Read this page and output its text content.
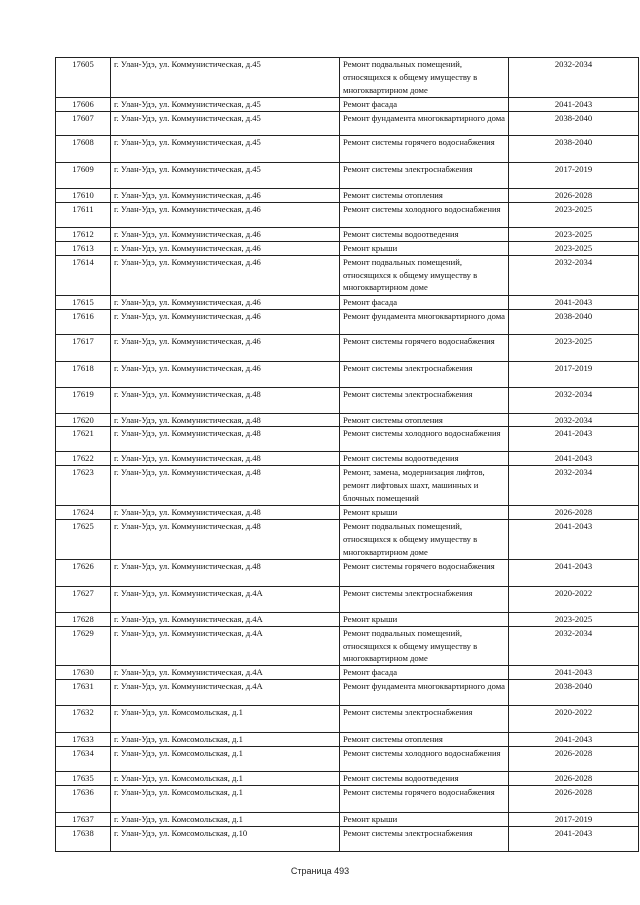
17605	г. Улан-Удэ, ул. Коммунистическая, д.45	Ремонт подвальных помещений, относящихся к общему имуществу в многоквартирном доме	2032-2034
17606	г. Улан-Удэ, ул. Коммунистическая, д.45	Ремонт фасада	2041-2043
17607	г. Улан-Удэ, ул. Коммунистическая, д.45	Ремонт фундамента многоквартирного дома	2038-2040
17608	г. Улан-Удэ, ул. Коммунистическая, д.45	Ремонт системы горячего водоснабжения	2038-2040
17609	г. Улан-Удэ, ул. Коммунистическая, д.45	Ремонт системы электроснабжения	2017-2019
17610	г. Улан-Удэ, ул. Коммунистическая, д.46	Ремонт системы отопления	2026-2028
17611	г. Улан-Удэ, ул. Коммунистическая, д.46	Ремонт системы холодного водоснабжения	2023-2025
17612	г. Улан-Удэ, ул. Коммунистическая, д.46	Ремонт системы водоотведения	2023-2025
17613	г. Улан-Удэ, ул. Коммунистическая, д.46	Ремонт крыши	2023-2025
17614	г. Улан-Удэ, ул. Коммунистическая, д.46	Ремонт подвальных помещений, относящихся к общему имуществу в многоквартирном доме	2032-2034
17615	г. Улан-Удэ, ул. Коммунистическая, д.46	Ремонт фасада	2041-2043
17616	г. Улан-Удэ, ул. Коммунистическая, д.46	Ремонт фундамента многоквартирного дома	2038-2040
17617	г. Улан-Удэ, ул. Коммунистическая, д.46	Ремонт системы горячего водоснабжения	2023-2025
17618	г. Улан-Удэ, ул. Коммунистическая, д.46	Ремонт системы электроснабжения	2017-2019
17619	г. Улан-Удэ, ул. Коммунистическая, д.48	Ремонт системы электроснабжения	2032-2034
17620	г. Улан-Удэ, ул. Коммунистическая, д.48	Ремонт системы отопления	2032-2034
17621	г. Улан-Удэ, ул. Коммунистическая, д.48	Ремонт системы холодного водоснабжения	2041-2043
17622	г. Улан-Удэ, ул. Коммунистическая, д.48	Ремонт системы водоотведения	2041-2043
17623	г. Улан-Удэ, ул. Коммунистическая, д.48	Ремонт, замена, модернизация лифтов, ремонт лифтовых шахт, машинных и блочных помещений	2032-2034
17624	г. Улан-Удэ, ул. Коммунистическая, д.48	Ремонт крыши	2026-2028
17625	г. Улан-Удэ, ул. Коммунистическая, д.48	Ремонт подвальных помещений, относящихся к общему имуществу в многоквартирном доме	2041-2043
17626	г. Улан-Удэ, ул. Коммунистическая, д.48	Ремонт системы горячего водоснабжения	2041-2043
17627	г. Улан-Удэ, ул. Коммунистическая, д.4А	Ремонт системы электроснабжения	2020-2022
17628	г. Улан-Удэ, ул. Коммунистическая, д.4А	Ремонт крыши	2023-2025
17629	г. Улан-Удэ, ул. Коммунистическая, д.4А	Ремонт подвальных помещений, относящихся к общему имуществу в многоквартирном доме	2032-2034
17630	г. Улан-Удэ, ул. Коммунистическая, д.4А	Ремонт фасада	2041-2043
17631	г. Улан-Удэ, ул. Коммунистическая, д.4А	Ремонт фундамента многоквартирного дома	2038-2040
17632	г. Улан-Удэ, ул. Комсомольская, д.1	Ремонт системы электроснабжения	2020-2022
17633	г. Улан-Удэ, ул. Комсомольская, д.1	Ремонт системы отопления	2041-2043
17634	г. Улан-Удэ, ул. Комсомольская, д.1	Ремонт системы холодного водоснабжения	2026-2028
17635	г. Улан-Удэ, ул. Комсомольская, д.1	Ремонт системы водоотведения	2026-2028
17636	г. Улан-Удэ, ул. Комсомольская, д.1	Ремонт системы горячего водоснабжения	2026-2028
17637	г. Улан-Удэ, ул. Комсомольская, д.1	Ремонт крыши	2017-2019
17638	г. Улан-Удэ, ул. Комсомольская, д.10	Ремонт системы электроснабжения	2041-2043
Страница 493
